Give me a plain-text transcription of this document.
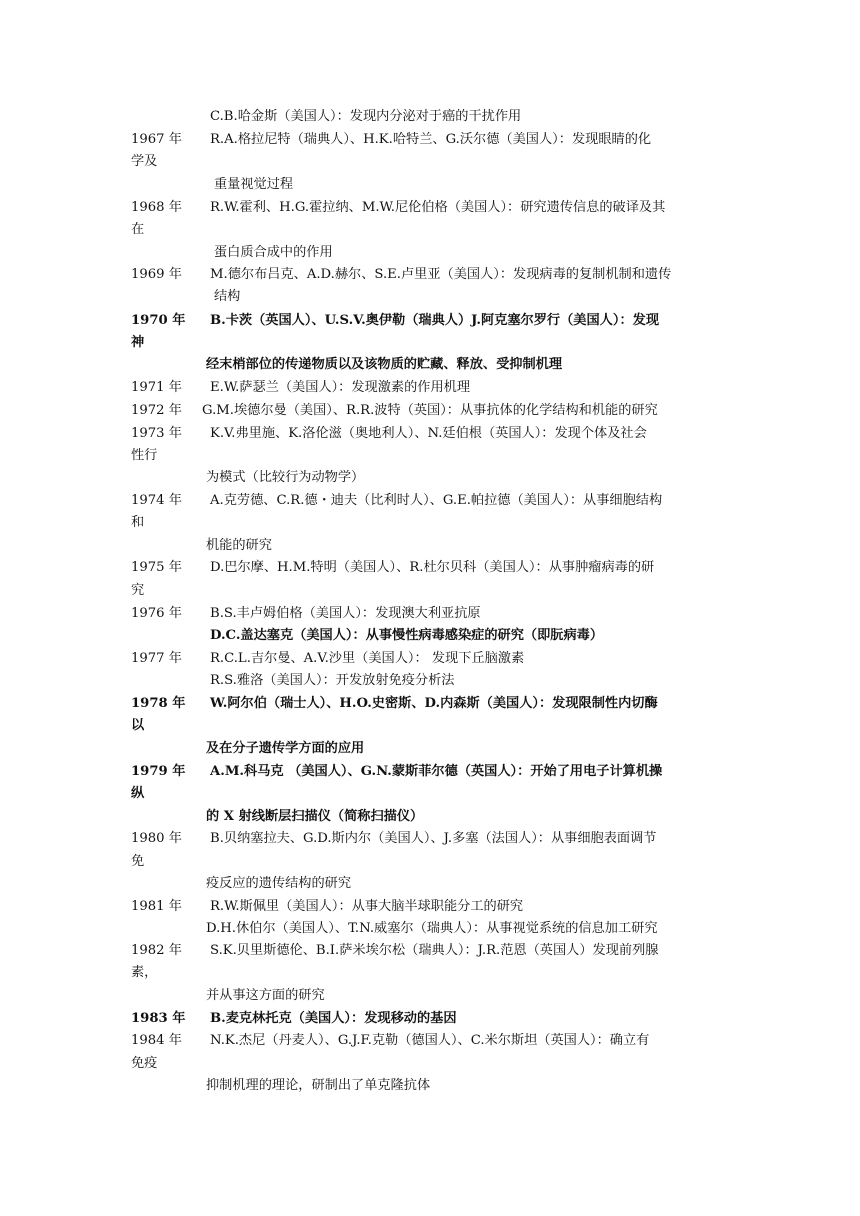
C.B.哈金斯（美国人）：发现内分泌对于癌的干扰作用
1967 年 R.A.格拉尼特（瑞典人）、H.K.哈特兰、G.沃尔德（美国人）：发现眼睛的化
学及
重量视觉过程
1968 年 R.W.霍利、H.G.霍拉纳、M.W.尼伦伯格（美国人）：研究遗传信息的破译及其
在
蛋白质合成中的作用
1969 年 M.德尔布吕克、A.D.赫尔、S.E.卢里亚（美国人）：发现病毒的复制机制和遗传
结构
1970 年 B.卡茨（英国人）、U.S.V.奥伊勒（瑞典人）J.阿克塞尔罗行（美国人）：发现
神
经末梢部位的传递物质以及该物质的贮藏、释放、受抑制机理
1971 年 E.W.萨瑟兰（美国人）：发现激素的作用机理
1972 年 G.M.埃德尔曼（美国）、R.R.波特（英国）：从事抗体的化学结构和机能的研究
1973 年 K.V.弗里施、K.洛伦滋（奥地利人）、N.廷伯根（英国人）：发现个体及社会
性行
为模式（比较行为动物学）
1974 年 A.克劳德、C.R.德・迪夫（比利时人）、G.E.帕拉德（美国人）：从事细胞结构
和
机能的研究
1975 年 D.巴尔摩、H.M.特明（美国人）、R.杜尔贝科（美国人）：从事肿瘤病毒的研
究
1976 年 B.S.丰卢姆伯格（美国人）：发现澳大利亚抗原
D.C.盖达塞克（美国人）：从事慢性病毒感染症的研究（即朊病毒）
1977 年 R.C.L.吉尔曼、A.V.沙里（美国人）： 发现下丘脑激素
R.S.雅洛（美国人）：开发放射免疫分析法
1978 年 W.阿尔伯（瑞士人）、H.O.史密斯、D.内森斯（美国人）：发现限制性内切酶
以
及在分子遗传学方面的应用
1979 年 A.M.科马克 （美国人）、G.N.蒙斯菲尔德（英国人）：开始了用电子计算机操
纵
的 X 射线断层扫描仪（简称扫描仪）
1980 年 B.贝纳塞拉夫、G.D.斯内尔（美国人）、J.多塞（法国人）：从事细胞表面调节
免
疫反应的遗传结构的研究
1981 年 R.W.斯佩里（美国人）：从事大脑半球职能分工的研究
D.H.休伯尔（美国人）、T.N.威塞尔（瑞典人）：从事视觉系统的信息加工研究
1982 年 S.K.贝里斯德伦、B.I.萨米埃尔松（瑞典人）：J.R.范恩（英国人）发现前列腺
素，
并从事这方面的研究
1983 年 B.麦克林托克（美国人）：发现移动的基因
1984 年 N.K.杰尼（丹麦人）、G.J.F.克勒（德国人）、C.米尔斯坦（英国人）：确立有
免疫
抑制机理的理论，研制出了单克隆抗体
